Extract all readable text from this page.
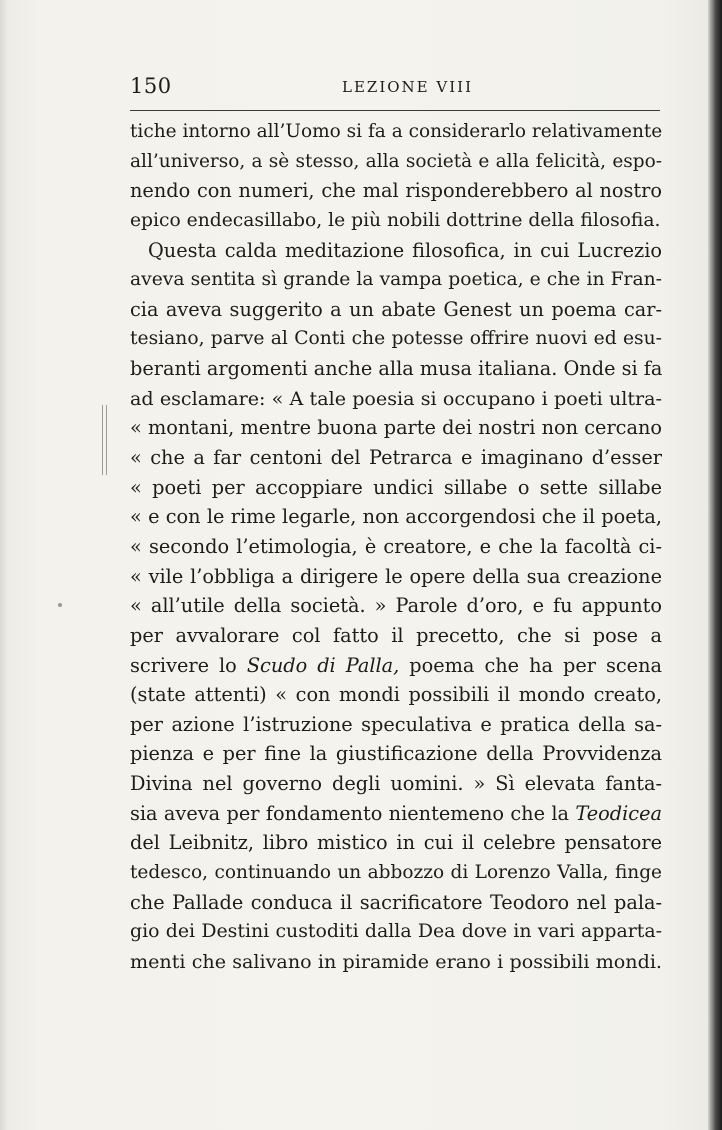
150	LEZIONE VIII
tiche intorno all’Uomo si fa a considerarlo relativamente
all’universo, a sè stesso, alla società e alla felicità, espo-
nendo con numeri, che mal risponderebbero al nostro
epico endecasillabo, le più nobili dottrine della filosofia.
Questa calda meditazione filosofica, in cui Lucrezio
aveva sentita sì grande la vampa poetica, e che in Fran-
cia aveva suggerito a un abate Genest un poema car-
tesiano, parve al Conti che potesse offrire nuovi ed esu-
beranti argomenti anche alla musa italiana. Onde si fa
ad esclamare: « A tale poesia si occupano i poeti ultra-
« montani, mentre buona parte dei nostri non cercano
« che a far centoni del Petrarca e imaginano d’esser
« poeti per accoppiare undici sillabe o sette sillabe
« e con le rime legarle, non accorgendosi che il poeta,
« secondo l’etimologia, è creatore, e che la facoltà ci-
« vile l’obbliga a dirigere le opere della sua creazione
« all’utile della società. » Parole d’oro, e fu appunto
per avvalorare col fatto il precetto, che si pose a
scrivere lo Scudo di Palla, poema che ha per scena
(state attenti) « con mondi possibili il mondo creato,
per azione l’istruzione speculativa e pratica della sa-
pienza e per fine la giustificazione della Provvidenza
Divina nel governo degli uomini. » Sì elevata fanta-
sia aveva per fondamento nientemeno che la Teodicea
del Leibnitz, libro mistico in cui il celebre pensatore
tedesco, continuando un abbozzo di Lorenzo Valla, finge
che Pallade conduca il sacrificatore Teodoro nel pala-
gio dei Destini custoditi dalla Dea dove in vari apparta-
menti che salivano in piramide erano i possibili mondi.
